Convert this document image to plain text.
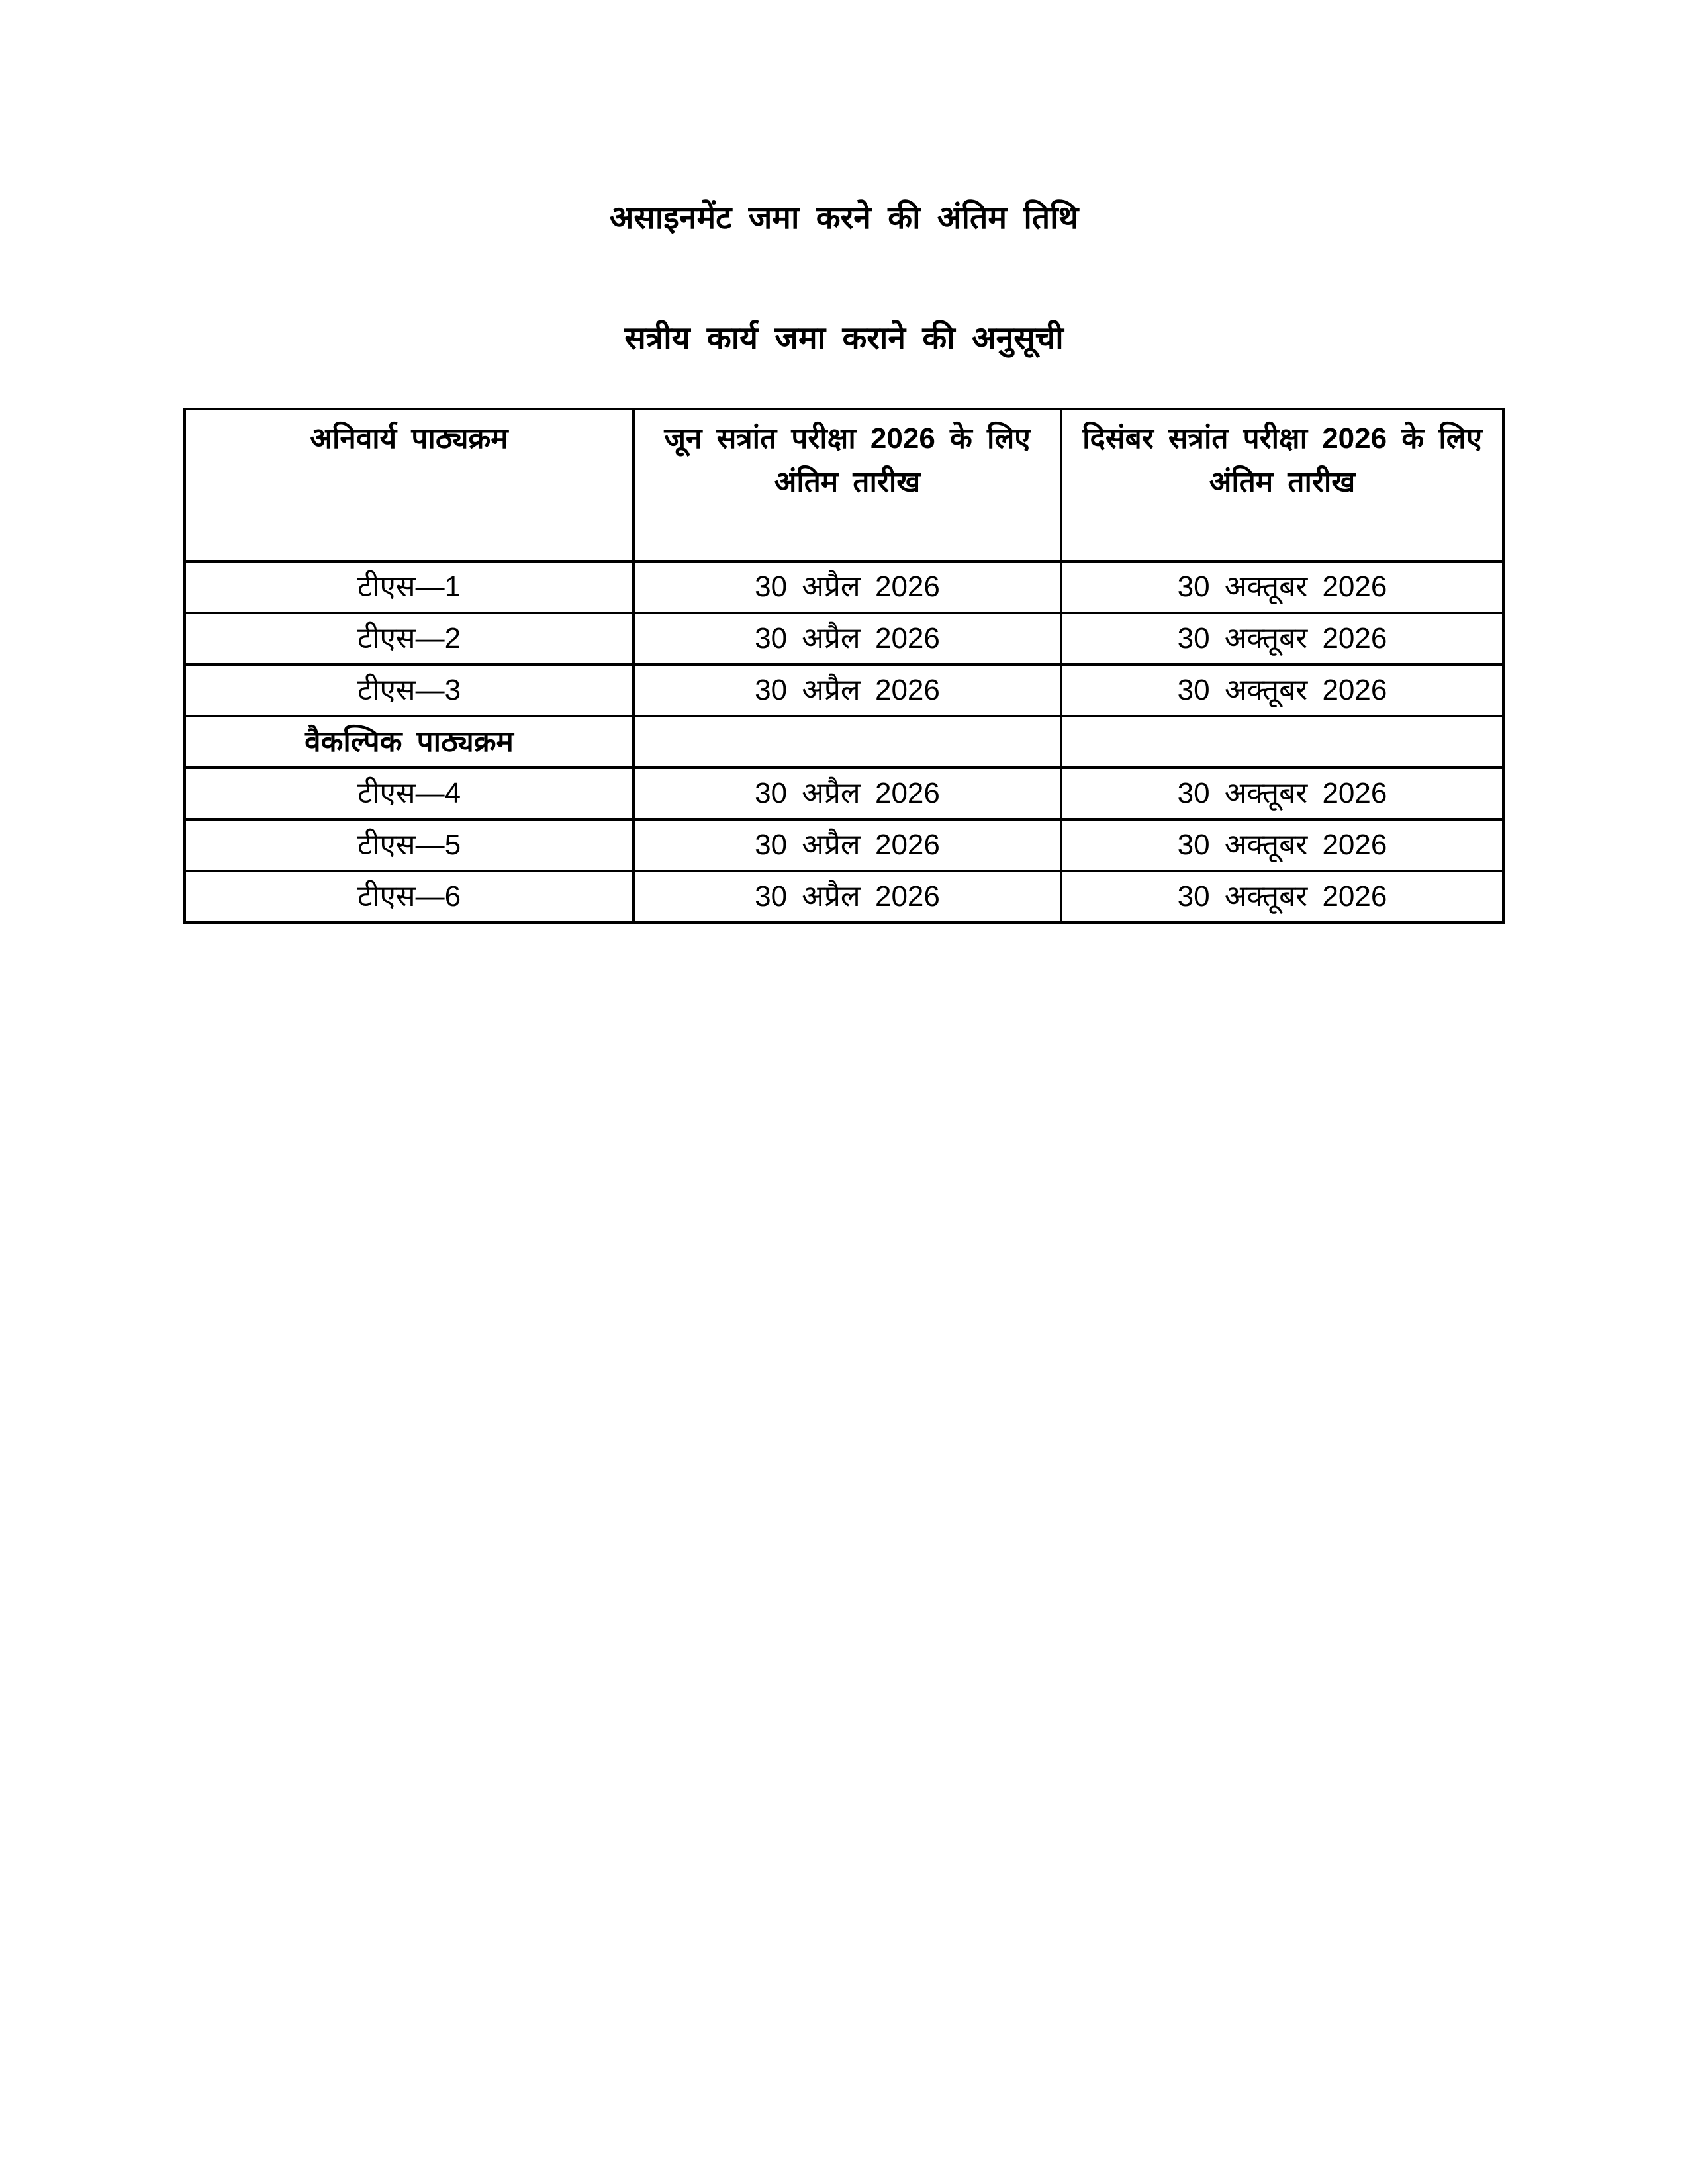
असाइनमेंट जमा करने की अंतिम तिथि
सत्रीय कार्य जमा कराने की अनुसूची
अनिवार्य पाठ्यक्रम	जून सत्रांत परीक्षा 2026 के लिए अंतिम तारीख	दिसंबर सत्रांत परीक्षा 2026 के लिए अंतिम तारीख
टीएस—1	30 अप्रैल 2026	30 अक्तूबर 2026
टीएस—2	30 अप्रैल 2026	30 अक्तूबर 2026
टीएस—3	30 अप्रैल 2026	30 अक्तूबर 2026
वैकल्पिक पाठ्यक्रम		
टीएस—4	30 अप्रैल 2026	30 अक्तूबर 2026
टीएस—5	30 अप्रैल 2026	30 अक्तूबर 2026
टीएस—6	30 अप्रैल 2026	30 अक्तूबर 2026
